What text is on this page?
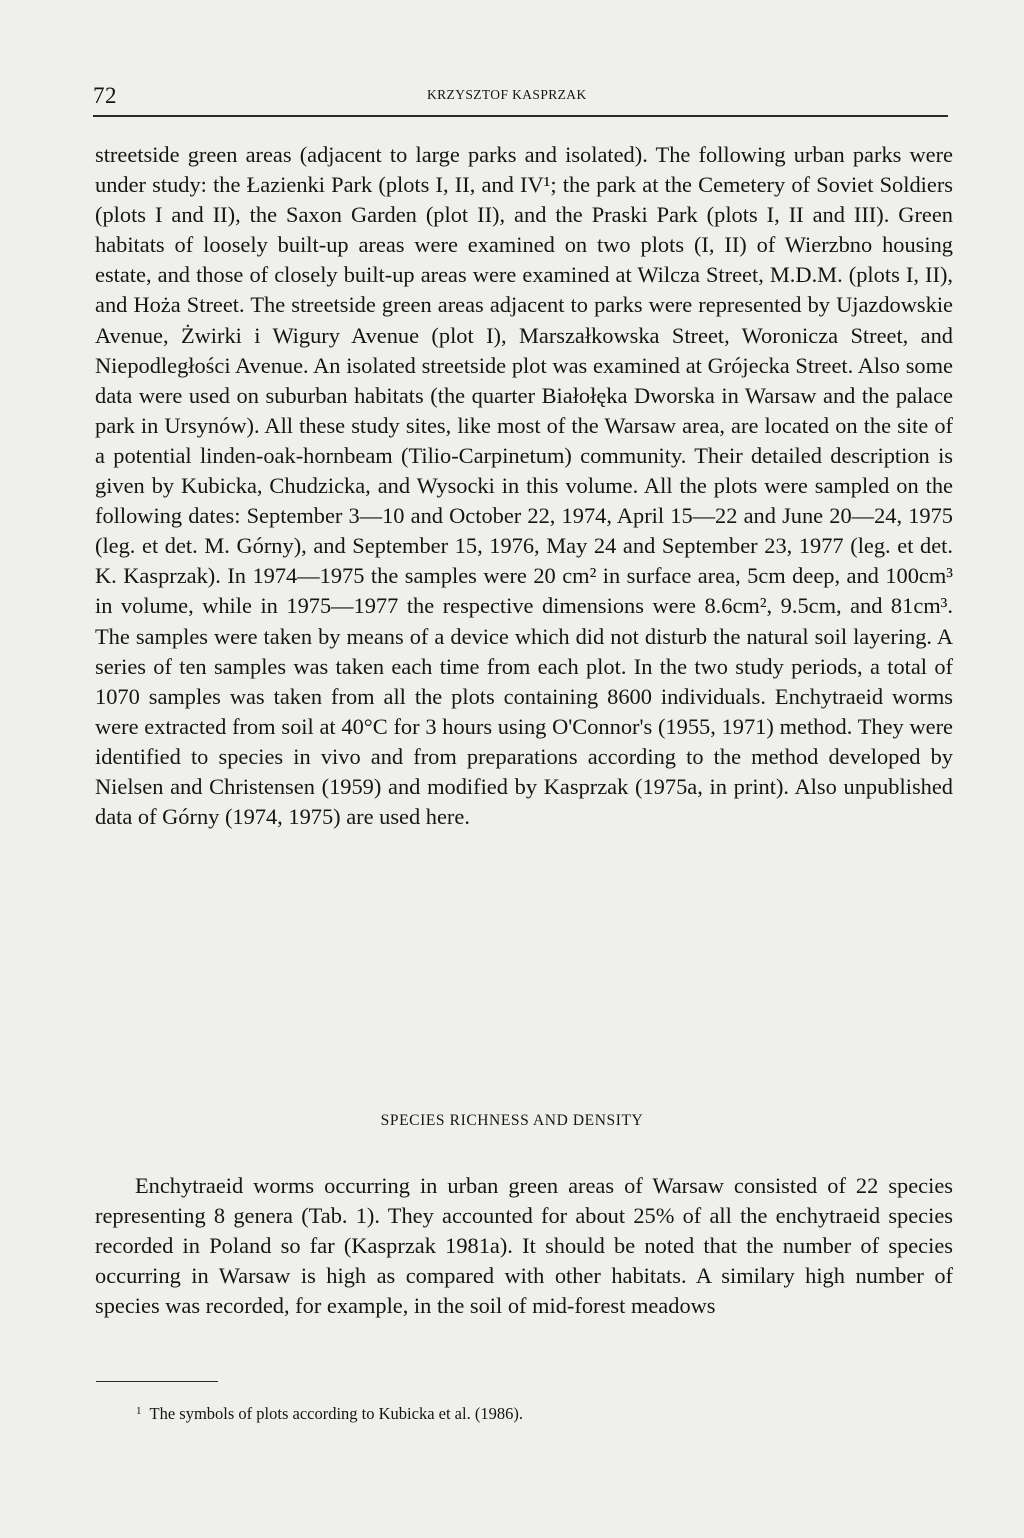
72	KRZYSZTOF KASPRZAK

streetside green areas (adjacent to large parks and isolated). The following urban parks were under study: the Łazienki Park (plots I, II, and IV¹; the park at the Cemetery of Soviet Soldiers (plots I and II), the Saxon Garden (plot II), and the Praski Park (plots I, II and III). Green habitats of loosely built-up areas were examined on two plots (I, II) of Wierzbno housing estate, and those of closely built-up areas were examined at Wilcza Street, M.D.M. (plots I, II), and Hoża Street. The streetside green areas adjacent to parks were represented by Ujazdowskie Avenue, Żwirki i Wigury Avenue (plot I), Marszałkowska Street, Woronicza Street, and Niepodległości Avenue. An isolated streetside plot was examined at Grójecka Street. Also some data were used on suburban habitats (the quarter Białołęka Dworska in Warsaw and the palace park in Ursynów). All these study sites, like most of the Warsaw area, are located on the site of a potential linden-oak-hornbeam (Tilio-Carpinetum) community. Their detailed description is given by Kubicka, Chudzicka, and Wysocki in this volume. All the plots were sampled on the following dates: September 3—10 and October 22, 1974, April 15—22 and June 20—24, 1975 (leg. et det. M. Górny), and September 15, 1976, May 24 and September 23, 1977 (leg. et det. K. Kasprzak). In 1974—1975 the samples were 20 cm² in surface area, 5cm deep, and 100cm³ in volume, while in 1975—1977 the respective dimensions were 8.6cm², 9.5cm, and 81cm³. The samples were taken by means of a device which did not disturb the natural soil layering. A series of ten samples was taken each time from each plot. In the two study periods, a total of 1070 samples was taken from all the plots containing 8600 individuals. Enchytraeid worms were extracted from soil at 40°C for 3 hours using O'Connor's (1955, 1971) method. They were identified to species in vivo and from preparations according to the method developed by Nielsen and Christensen (1959) and modified by Kasprzak (1975a, in print). Also unpublished data of Górny (1974, 1975) are used here.

SPECIES RICHNESS AND DENSITY

Enchytraeid worms occurring in urban green areas of Warsaw consisted of 22 species representing 8 genera (Tab. 1). They accounted for about 25% of all the enchytraeid species recorded in Poland so far (Kasprzak 1981a). It should be noted that the number of species occurring in Warsaw is high as compared with other habitats. A similary high number of species was recorded, for example, in the soil of mid-forest meadows

$^1$ The symbols of plots according to Kubicka et al. (1986).
